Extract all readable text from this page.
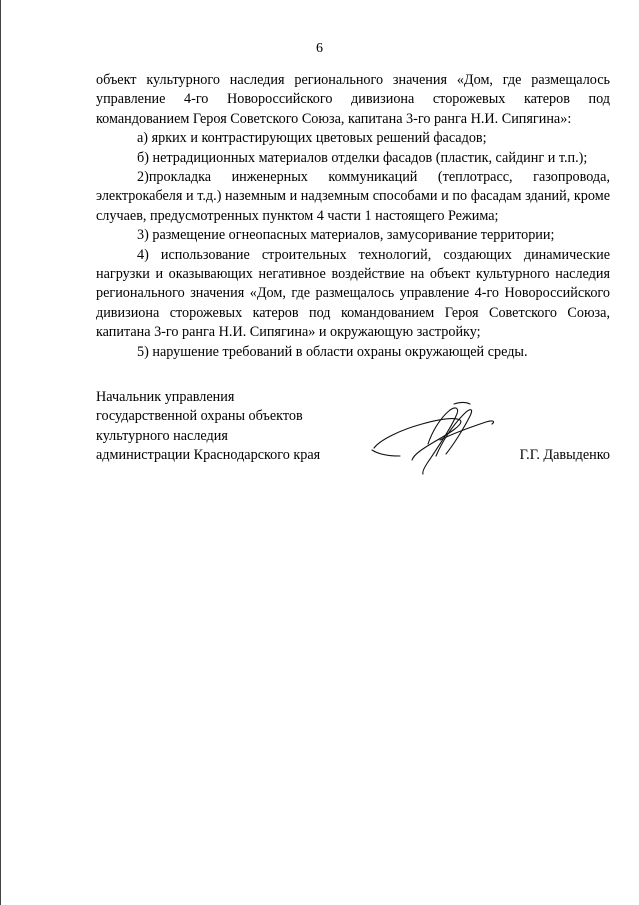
6

объект культурного наследия регионального значения «Дом, где размещалось управление 4-го Новороссийского дивизиона сторожевых катеров под командованием Героя Советского Союза, капитана 3-го ранга Н.И. Сипягина»:

а) ярких и контрастирующих цветовых решений фасадов;

б) нетрадиционных материалов отделки фасадов (пластик, сайдинг и т.п.);

2)прокладка инженерных коммуникаций (теплотрасс, газопровода, электрокабеля и т.д.) наземным и надземным способами и по фасадам зданий, кроме случаев, предусмотренных пунктом 4 части 1 настоящего Режима;

3) размещение огнеопасных материалов, замусоривание территории;

4) использование строительных технологий, создающих динамические нагрузки и оказывающих негативное воздействие на объект культурного наследия регионального значения «Дом, где размещалось управление 4-го Новороссийского дивизиона сторожевых катеров под командованием Героя Советского Союза, капитана 3-го ранга Н.И. Сипягина» и окружающую застройку;

5) нарушение требований в области охраны окружающей среды.

Начальник управления
государственной охраны объектов
культурного наследия
администрации Краснодарского края	Г.Г. Давыденко
